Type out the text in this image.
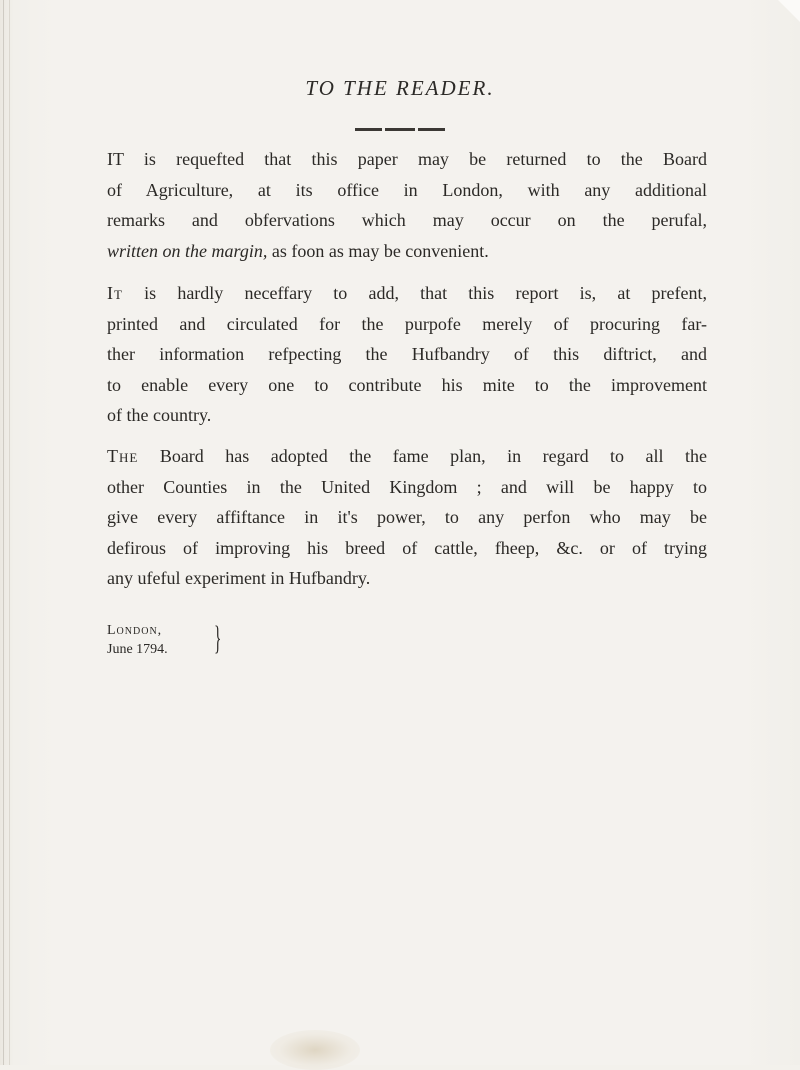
TO THE READER.
IT is requefted that this paper may be returned to the Board
of Agriculture, at its office in London, with any additional
remarks and obfervations which may occur on the perufal,
written on the margin, as foon as may be convenient.
It is hardly neceffary to add, that this report is, at prefent,
printed and circulated for the purpofe merely of procuring far-
ther information refpecting the Hufbandry of this diftrict, and
to enable every one to contribute his mite to the improvement
of the country.
The Board has adopted the fame plan, in regard to all the
other Counties in the United Kingdom ; and will be happy to
give every affiftance in it's power, to any perfon who may be
defirous of improving his breed of cattle, fheep, &c. or of trying
any ufeful experiment in Hufbandry.
London,
June 1794. }
